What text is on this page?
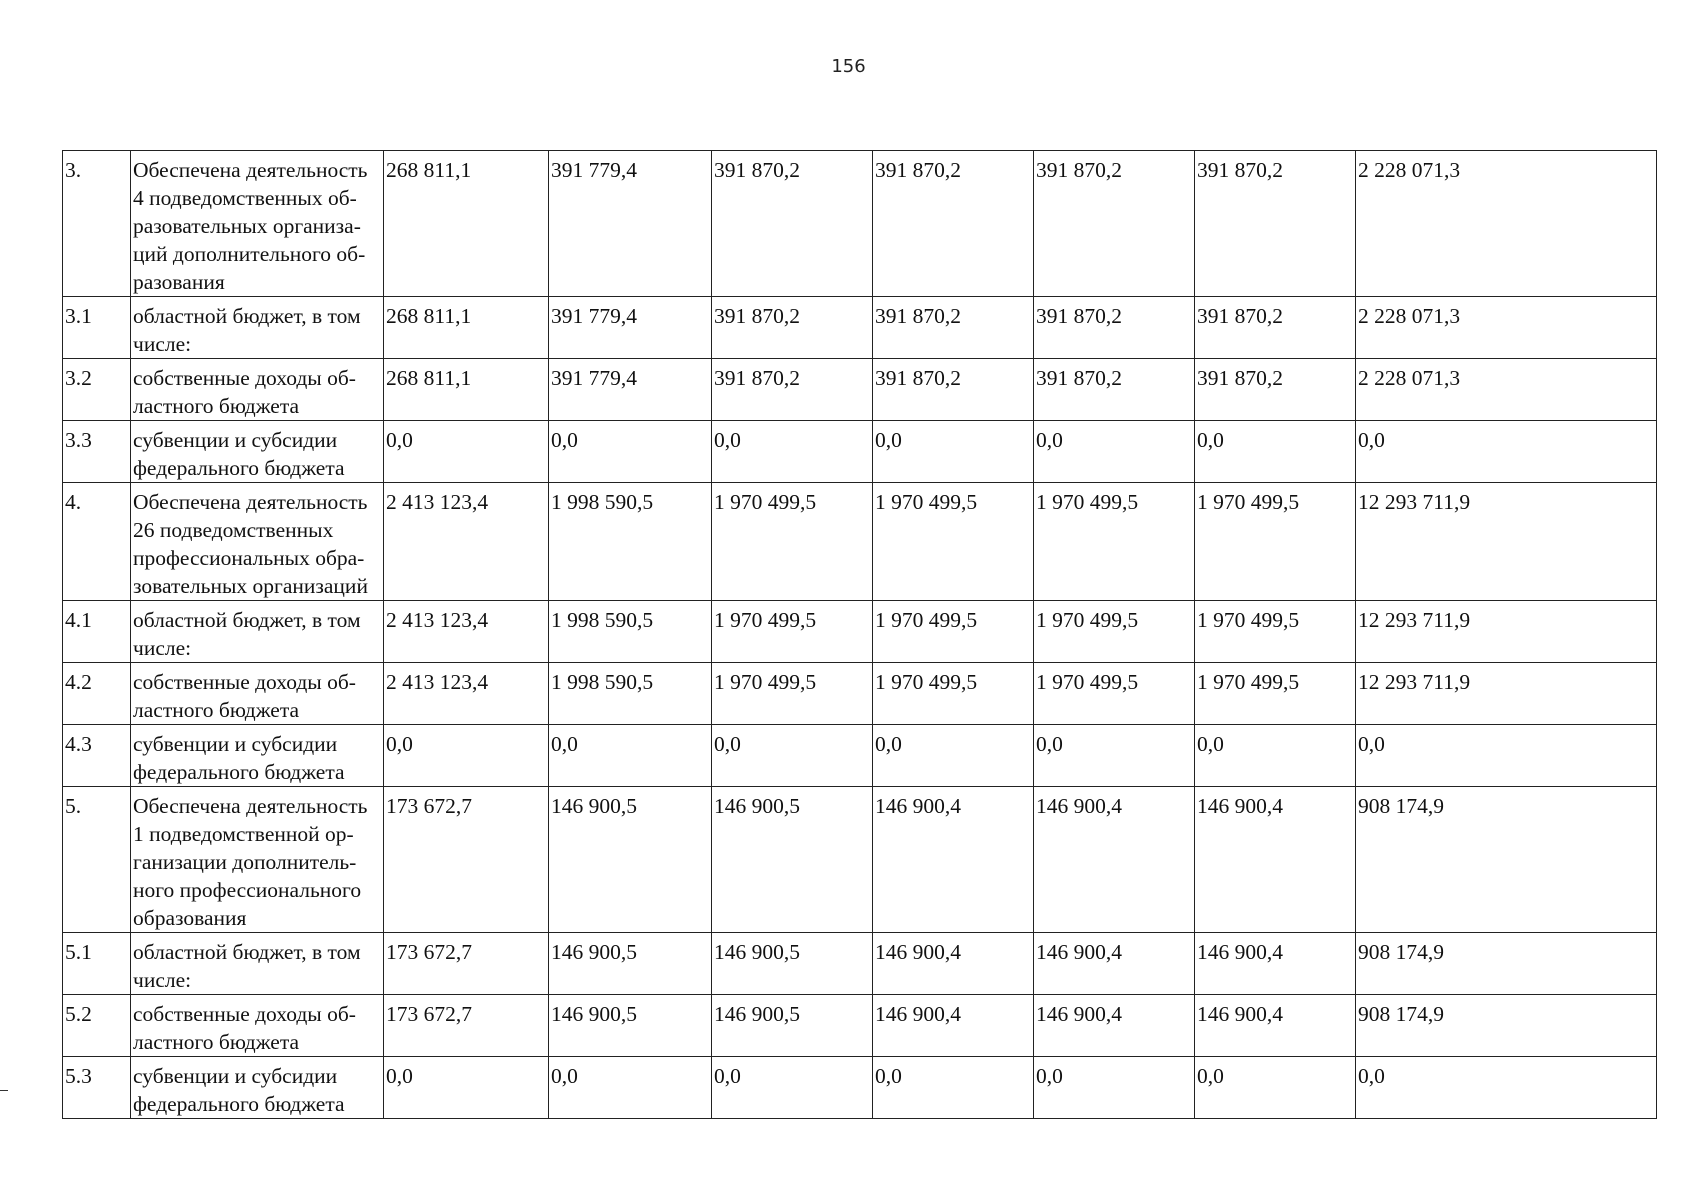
156
3.	Обеспечена деятельность
4 подведомственных об-
разовательных организа-
ций дополнительного об-
разования	268 811,1	391 779,4	391 870,2	391 870,2	391 870,2	391 870,2	2 228 071,3
3.1	областной бюджет, в том
числе:	268 811,1	391 779,4	391 870,2	391 870,2	391 870,2	391 870,2	2 228 071,3
3.2	собственные доходы об-
ластного бюджета	268 811,1	391 779,4	391 870,2	391 870,2	391 870,2	391 870,2	2 228 071,3
3.3	субвенции и субсидии
федерального бюджета	0,0	0,0	0,0	0,0	0,0	0,0	0,0
4.	Обеспечена деятельность
26 подведомственных
профессиональных обра-
зовательных организаций	2 413 123,4	1 998 590,5	1 970 499,5	1 970 499,5	1 970 499,5	1 970 499,5	12 293 711,9
4.1	областной бюджет, в том
числе:	2 413 123,4	1 998 590,5	1 970 499,5	1 970 499,5	1 970 499,5	1 970 499,5	12 293 711,9
4.2	собственные доходы об-
ластного бюджета	2 413 123,4	1 998 590,5	1 970 499,5	1 970 499,5	1 970 499,5	1 970 499,5	12 293 711,9
4.3	субвенции и субсидии
федерального бюджета	0,0	0,0	0,0	0,0	0,0	0,0	0,0
5.	Обеспечена деятельность
1 подведомственной ор-
ганизации дополнитель-
ного профессионального
образования	173 672,7	146 900,5	146 900,5	146 900,4	146 900,4	146 900,4	908 174,9
5.1	областной бюджет, в том
числе:	173 672,7	146 900,5	146 900,5	146 900,4	146 900,4	146 900,4	908 174,9
5.2	собственные доходы об-
ластного бюджета	173 672,7	146 900,5	146 900,5	146 900,4	146 900,4	146 900,4	908 174,9
5.3	субвенции и субсидии
федерального бюджета	0,0	0,0	0,0	0,0	0,0	0,0	0,0
